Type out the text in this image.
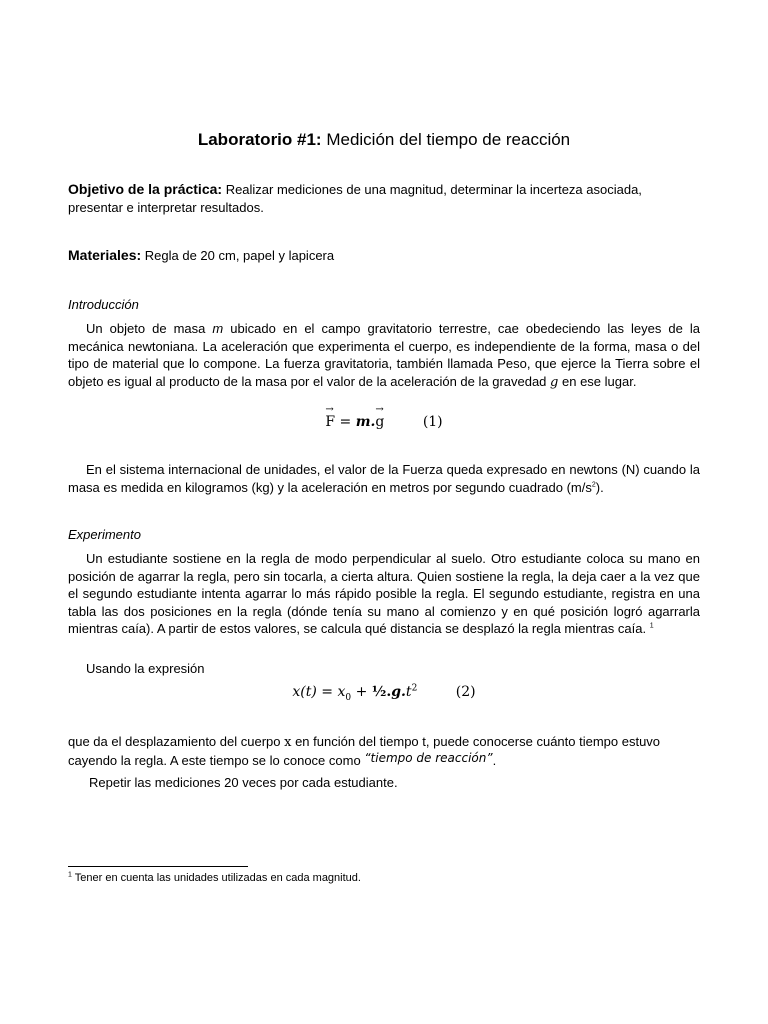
Laboratorio #1: Medición del tiempo de reacción
Objetivo de la práctica: Realizar mediciones de una magnitud, determinar la incerteza asociada, presentar e interpretar resultados.
Materiales: Regla de 20 cm, papel y lapicera
Introducción
Un objeto de masa m ubicado en el campo gravitatorio terrestre, cae obedeciendo las leyes de la mecánica newtoniana. La aceleración que experimenta el cuerpo, es independiente de la forma, masa o del tipo de material que lo compone. La fuerza gravitatoria, también llamada Peso, que ejerce la Tierra sobre el objeto es igual al producto de la masa por el valor de la aceleración de la gravedad g en ese lugar.
→ F = m.→ g	(1)
En el sistema internacional de unidades, el valor de la Fuerza queda expresado en newtons (N) cuando la masa es medida en kilogramos (kg) y la aceleración en metros por segundo cuadrado $(m/s^2)$.
Experimento
Un estudiante sostiene en la regla de modo perpendicular al suelo. Otro estudiante coloca su mano en posición de agarrar la regla, pero sin tocarla, a cierta altura. Quien sostiene la regla, la deja caer a la vez que el segundo estudiante intenta agarrar lo más rápido posible la regla. El segundo estudiante, registra en una tabla las dos posiciones en la regla (dónde tenía su mano al comienzo y en qué posición logró agarrarla mientras caía). A partir de estos valores, se calcula qué distancia se desplazó la regla mientras caía. $^1$
Usando la expresión
$x(t) = x_0$ + $\frac{1}{2}.g.t^2$	(2)
que da el desplazamiento del cuerpo x en función del tiempo t, puede conocerse cuánto tiempo estuvo cayendo la regla. A este tiempo se lo conoce como “tiempo de reacción”.
Repetir las mediciones 20 veces por cada estudiante.
$^1$ Tener en cuenta las unidades utilizadas en cada magnitud.
